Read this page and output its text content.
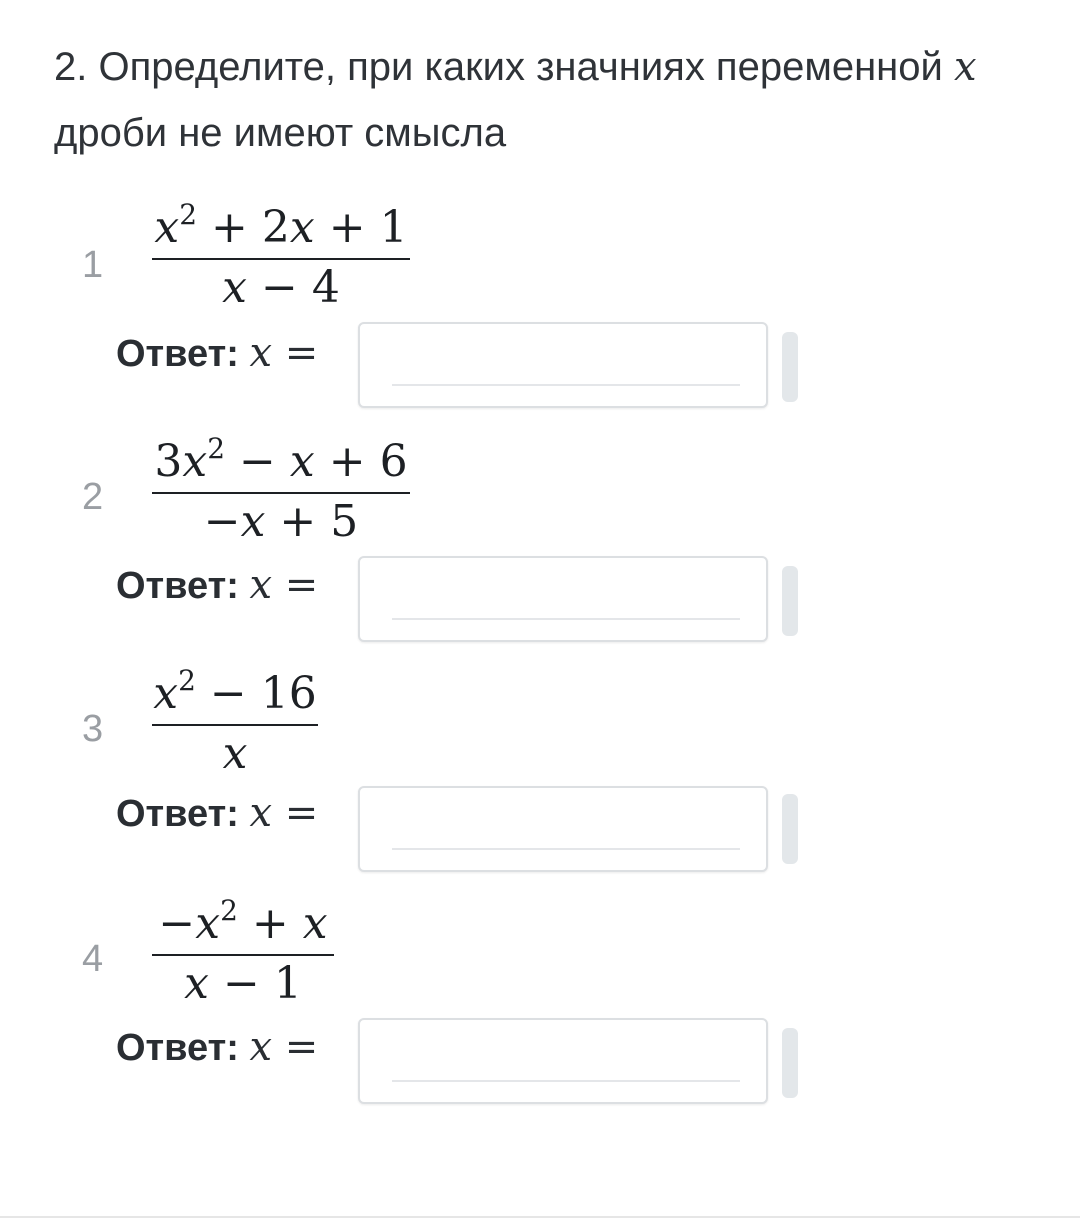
2. Определите, при каких значниях переменной x
дроби не имеют смысла
1
$x^2 + 2x + 1$
x − 4
Ответ: x =
2
$3x^2 - x + 6$
−x + 5
Ответ: x =
3
$x^2 - 16$
x
Ответ: x =
4
$-x^2 + x$
x − 1
Ответ: x =
